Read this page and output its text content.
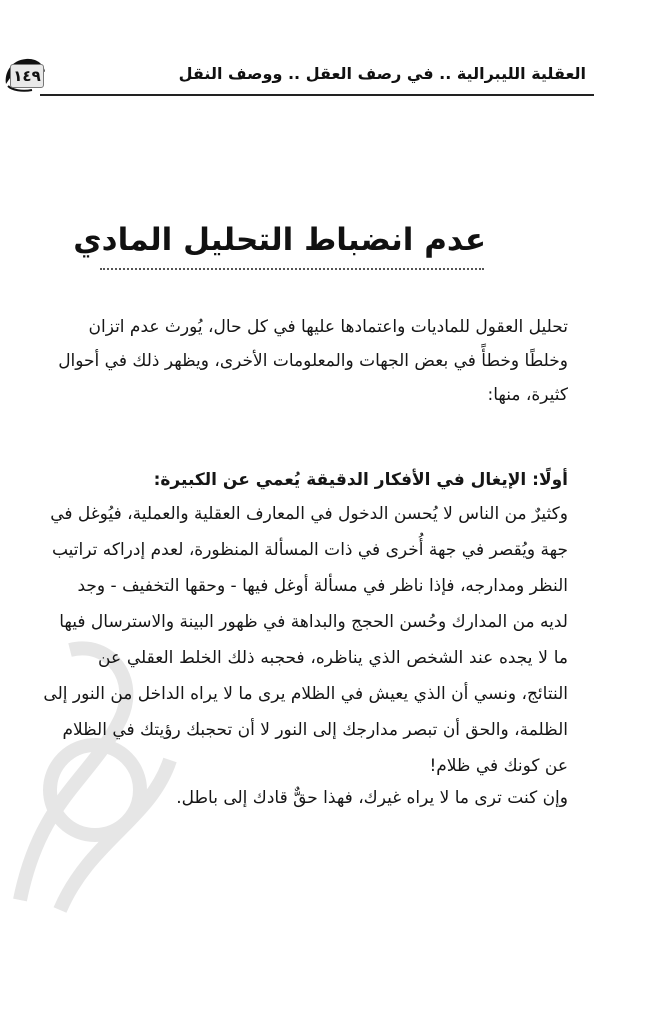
١٤٩	العقلية الليبرالية .. في رصف العقل .. ووصف النقل
عدم انضباط التحليل المادي
تحليل العقول للماديات واعتمادها عليها في كل حال، يُورث عدم اتزان
وخلطًا وخطأً في بعض الجهات والمعلومات الأخرى، ويظهر ذلك في أحوال
كثيرة، منها:
أولًا: الإيغال في الأفكار الدقيقة يُعمي عن الكبيرة:
وكثيرٌ من الناس لا يُحسن الدخول في المعارف العقلية والعملية، فيُوغل في
جهة ويُقصر في جهة أُخرى في ذات المسألة المنظورة، لعدم إدراكه تراتيب
النظر ومدارجه، فإذا ناظر في مسألة أوغل فيها - وحقها التخفيف - وجد
لديه من المدارك وحُسن الحجج والبداهة في ظهور البينة والاسترسال فيها
ما لا يجده عند الشخص الذي يناظره، فحجبه ذلك الخلط العقلي عن
النتائج، ونسي أن الذي يعيش في الظلام يرى ما لا يراه الداخل من النور إلى
الظلمة، والحق أن تبصر مدارجك إلى النور لا أن تحجبك رؤيتك في الظلام
عن كونك في ظلام!
وإن كنت ترى ما لا يراه غيرك، فهذا حقٌّ قادك إلى باطل.
